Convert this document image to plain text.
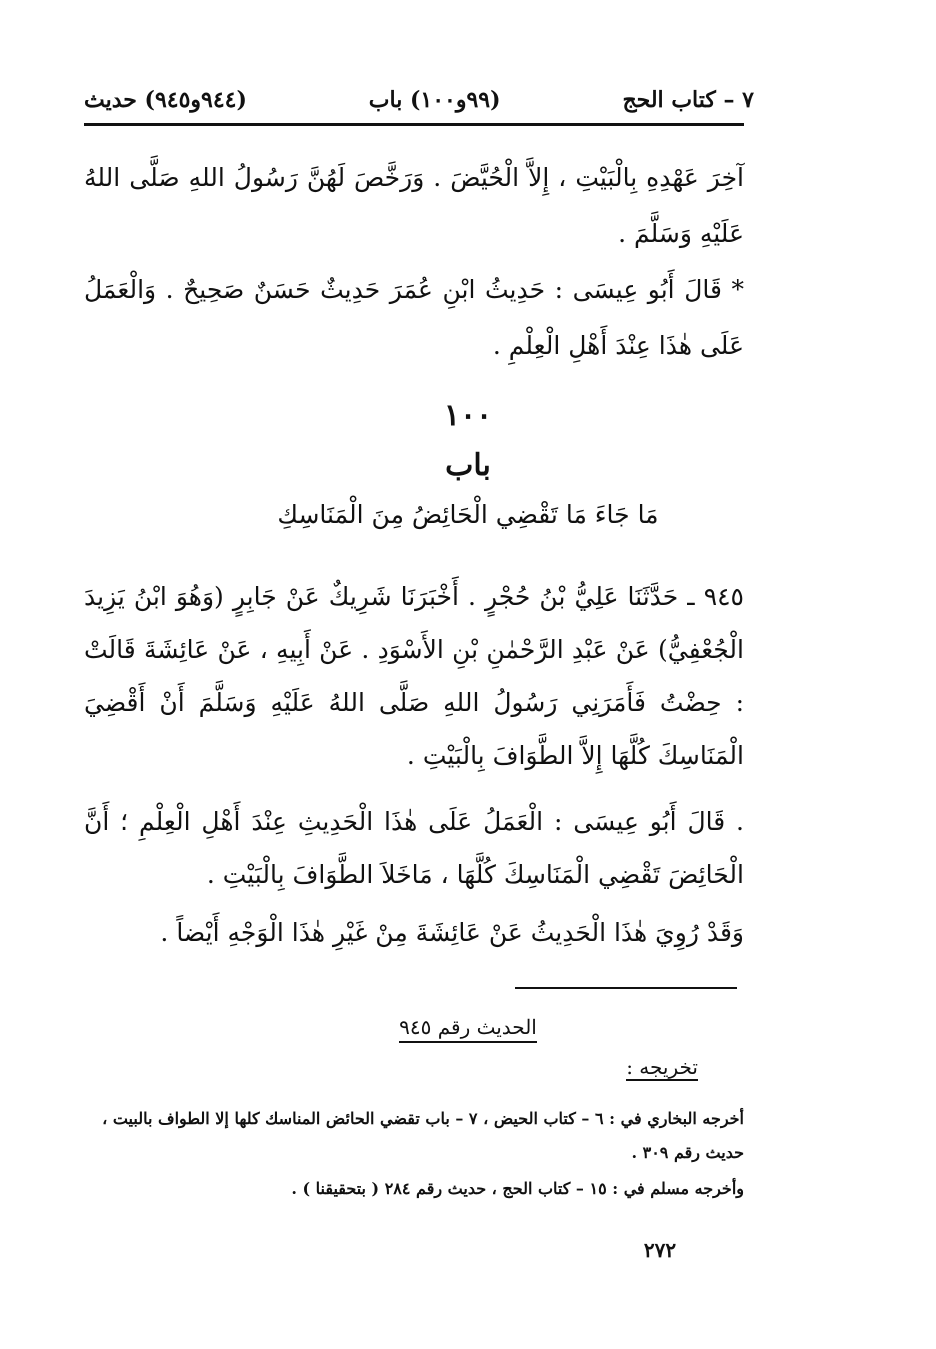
(٩٤٤و٩٤٥) حديث	(٩٩و١٠٠) باب	٧ – كتاب الحج
آخِرَ عَهْدِهِ بِالْبَيْتِ ، إِلاَّ الْحُيَّضَ . وَرَخَّصَ لَهُنَّ رَسُولُ اللهِ صَلَّى اللهُ عَلَيْهِ وَسَلَّمَ .
* قَالَ أَبُو عِيسَى : حَدِيثُ ابْنِ عُمَرَ حَدِيثٌ حَسَنٌ صَحِيحٌ . وَالْعَمَلُ عَلَى هٰذَا عِنْدَ أَهْلِ الْعِلْمِ .
١٠٠
باب
مَا جَاءَ مَا تَقْضِي الْحَائِضُ مِنَ الْمَنَاسِكِ
٩٤٥ ـ حَدَّثَنَا عَلِيُّ بْنُ حُجْرٍ . أَخْبَرَنَا شَرِيكٌ عَنْ جَابِرٍ (وَهُوَ ابْنُ يَزِيدَ الْجُعْفِيُّ) عَنْ عَبْدِ الرَّحْمٰنِ بْنِ الأَسْوَدِ . عَنْ أَبِيهِ ، عَنْ عَائِشَةَ قَالَتْ : حِضْتُ فَأَمَرَنِي رَسُولُ اللهِ صَلَّى اللهُ عَلَيْهِ وَسَلَّمَ أَنْ أَقْضِيَ الْمَنَاسِكَ كُلَّهَا إِلاَّ الطَّوَافَ بِالْبَيْتِ .
. قَالَ أَبُو عِيسَى : الْعَمَلُ عَلَى هٰذَا الْحَدِيثِ عِنْدَ أَهْلِ الْعِلْمِ ؛ أَنَّ الْحَائِضَ تَقْضِي الْمَنَاسِكَ كُلَّهَا ، مَاخَلاَ الطَّوَافَ بِالْبَيْتِ .
وَقَدْ رُوِيَ هٰذَا الْحَدِيثُ عَنْ عَائِشَةَ مِنْ غَيْرِ هٰذَا الْوَجْهِ أَيْضاً .
الحديث رقم ٩٤٥
تخريجه :
أخرجه البخاري في : ٦ – كتاب الحيض ، ٧ – باب تقضي الحائض المناسك كلها إلا الطواف بالبيت ، حديث رقم ٣٠٩ .
وأخرجه مسلم في : ١٥ – كتاب الحج ، حديث رقم ٢٨٤ ( بتحقيقنا ) .
٢٧٢
